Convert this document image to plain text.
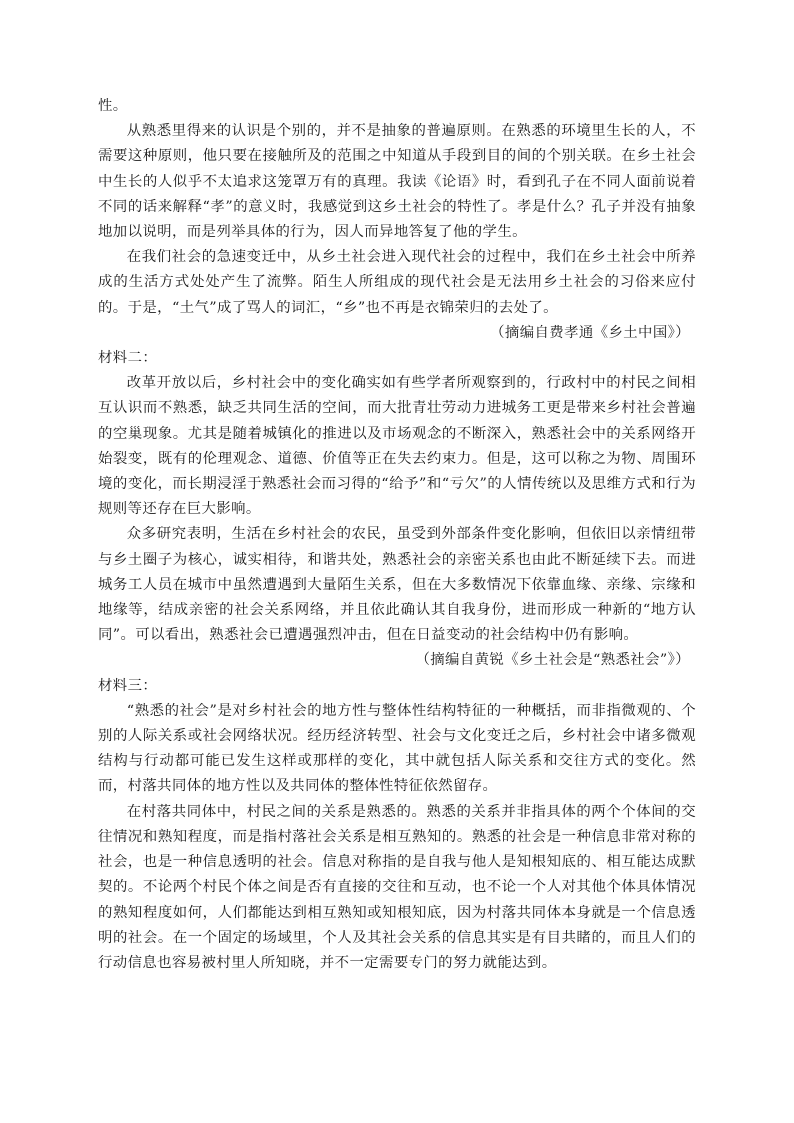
性。

从熟悉里得来的认识是个别的，并不是抽象的普遍原则。在熟悉的环境里生长的人，不需要这种原则，他只要在接触所及的范围之中知道从手段到目的间的个别关联。在乡土社会中生长的人似乎不太追求这笼罩万有的真理。我读《论语》时，看到孔子在不同人面前说着不同的话来解释“孝”的意义时，我感觉到这乡土社会的特性了。孝是什么？孔子并没有抽象地加以说明，而是列举具体的行为，因人而异地答复了他的学生。

在我们社会的急速变迁中，从乡土社会进入现代社会的过程中，我们在乡土社会中所养成的生活方式处处产生了流弊。陌生人所组成的现代社会是无法用乡土社会的习俗来应付的。于是，“土气”成了骂人的词汇，“乡”也不再是衣锦荣归的去处了。

（摘编自费孝通《乡土中国》）

材料二：

改革开放以后，乡村社会中的变化确实如有些学者所观察到的，行政村中的村民之间相互认识而不熟悉，缺乏共同生活的空间，而大批青壮劳动力进城务工更是带来乡村社会普遍的空巢现象。尤其是随着城镇化的推进以及市场观念的不断深入，熟悉社会中的关系网络开始裂变，既有的伦理观念、道德、价值等正在失去约束力。但是，这可以称之为物、周围环境的变化，而长期浸淫于熟悉社会而习得的“给予”和“亏欠”的人情传统以及思维方式和行为规则等还存在巨大影响。

众多研究表明，生活在乡村社会的农民，虽受到外部条件变化影响，但依旧以亲情纽带与乡土圈子为核心，诚实相待，和谐共处，熟悉社会的亲密关系也由此不断延续下去。而进城务工人员在城市中虽然遭遇到大量陌生关系，但在大多数情况下依靠血缘、亲缘、宗缘和地缘等，结成亲密的社会关系网络，并且依此确认其自我身份，进而形成一种新的“地方认同”。可以看出，熟悉社会已遭遇强烈冲击，但在日益变动的社会结构中仍有影响。

（摘编自黄锐《乡土社会是“熟悉社会”》）

材料三：

“熟悉的社会”是对乡村社会的地方性与整体性结构特征的一种概括，而非指微观的、个别的人际关系或社会网络状况。经历经济转型、社会与文化变迁之后，乡村社会中诸多微观结构与行动都可能已发生这样或那样的变化，其中就包括人际关系和交往方式的变化。然而，村落共同体的地方性以及共同体的整体性特征依然留存。

在村落共同体中，村民之间的关系是熟悉的。熟悉的关系并非指具体的两个个体间的交往情况和熟知程度，而是指村落社会关系是相互熟知的。熟悉的社会是一种信息非常对称的社会，也是一种信息透明的社会。信息对称指的是自我与他人是知根知底的、相互能达成默契的。不论两个村民个体之间是否有直接的交往和互动，也不论一个人对其他个体具体情况的熟知程度如何，人们都能达到相互熟知或知根知底，因为村落共同体本身就是一个信息透明的社会。在一个固定的场域里，个人及其社会关系的信息其实是有目共睹的，而且人们的行动信息也容易被村里人所知晓，并不一定需要专门的努力就能达到。
